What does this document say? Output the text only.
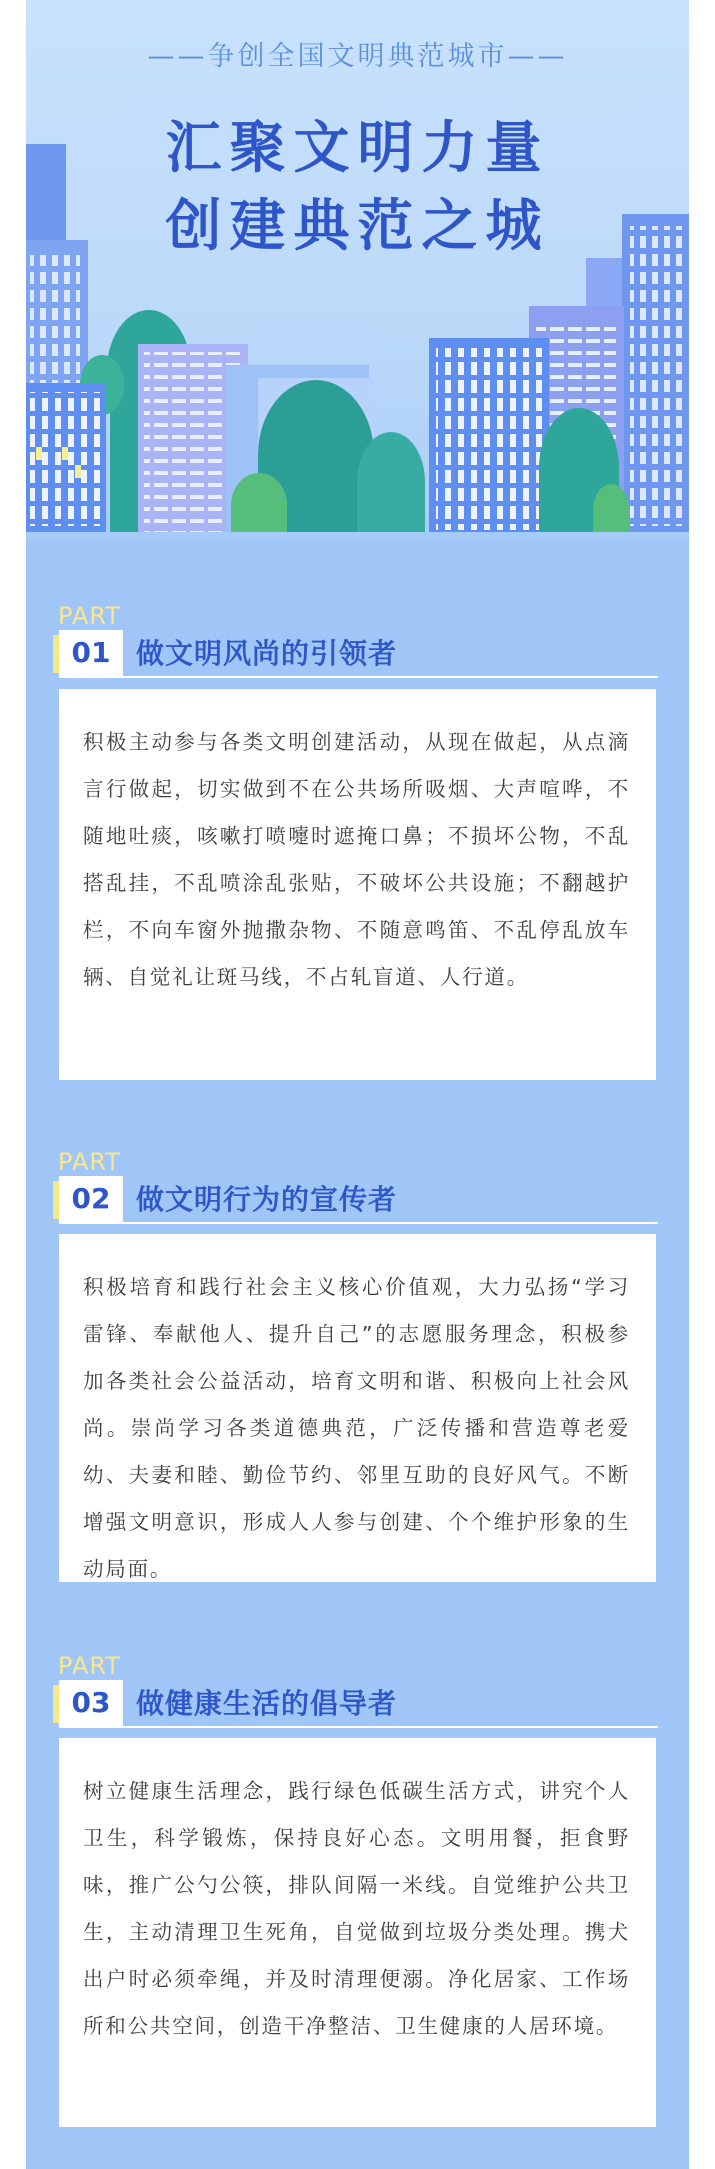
——争创全国文明典范城市——
汇聚文明力量
创建典范之城
PART
01 做文明风尚的引领者
积极主动参与各类文明创建活动，从现在做起，从点滴言行做起，切实做到不在公共场所吸烟、大声喧哗，不随地吐痰，咳嗽打喷嚏时遮掩口鼻；不损坏公物，不乱搭乱挂，不乱喷涂乱张贴，不破坏公共设施；不翻越护栏，不向车窗外抛撒杂物、不随意鸣笛、不乱停乱放车辆、自觉礼让斑马线，不占轧盲道、人行道。
PART
02 做文明行为的宣传者
积极培育和践行社会主义核心价值观，大力弘扬“学习雷锋、奉献他人、提升自己”的志愿服务理念，积极参加各类社会公益活动，培育文明和谐、积极向上社会风尚。崇尚学习各类道德典范，广泛传播和营造尊老爱幼、夫妻和睦、勤俭节约、邻里互助的良好风气。不断增强文明意识，形成人人参与创建、个个维护形象的生动局面。
PART
03 做健康生活的倡导者
树立健康生活理念，践行绿色低碳生活方式，讲究个人卫生，科学锻炼，保持良好心态。文明用餐，拒食野味，推广公勺公筷，排队间隔一米线。自觉维护公共卫生，主动清理卫生死角，自觉做到垃圾分类处理。携犬出户时必须牵绳，并及时清理便溺。净化居家、工作场所和公共空间，创造干净整洁、卫生健康的人居环境。
